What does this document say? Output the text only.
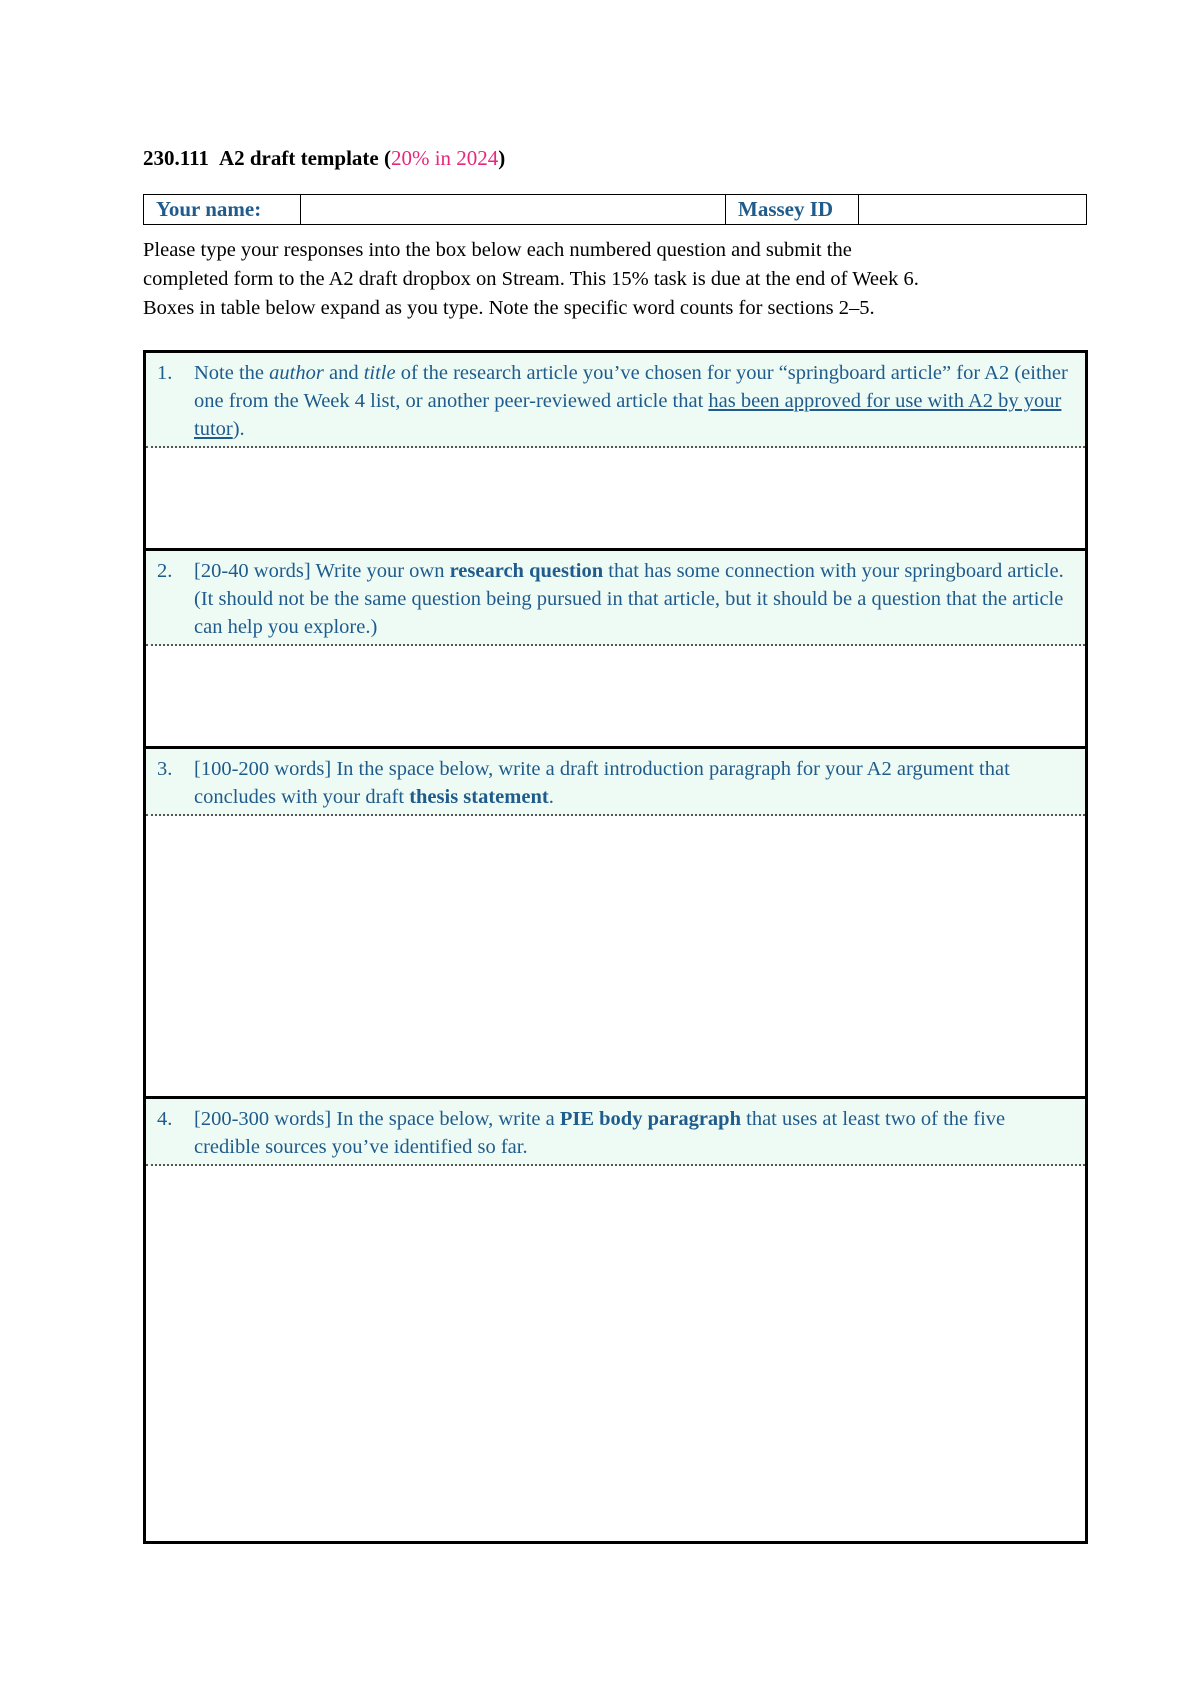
230.111 A2 draft template (20% in 2024)
Your name:	Massey ID

Please type your responses into the box below each numbered question and submit the

completed form to the A2 draft dropbox on Stream. This 15% task is due at the end of Week 6.

Boxes in table below expand as you type. Note the specific word counts for sections 2–5.

1.	Note the author and title of the research article you’ve chosen for your “springboard article” for A2 (either one from the Week 4 list, or another peer-reviewed article that has been approved for use with A2 by your tutor).
2.	[20-40 words] Write your own research question that has some connection with your springboard article. (It should not be the same question being pursued in that article, but it should be a question that the article can help you explore.)
3.	[100-200 words] In the space below, write a draft introduction paragraph for your A2 argument that concludes with your draft thesis statement.
4.	[200-300 words] In the space below, write a PIE body paragraph that uses at least two of the five credible sources you’ve identified so far.
